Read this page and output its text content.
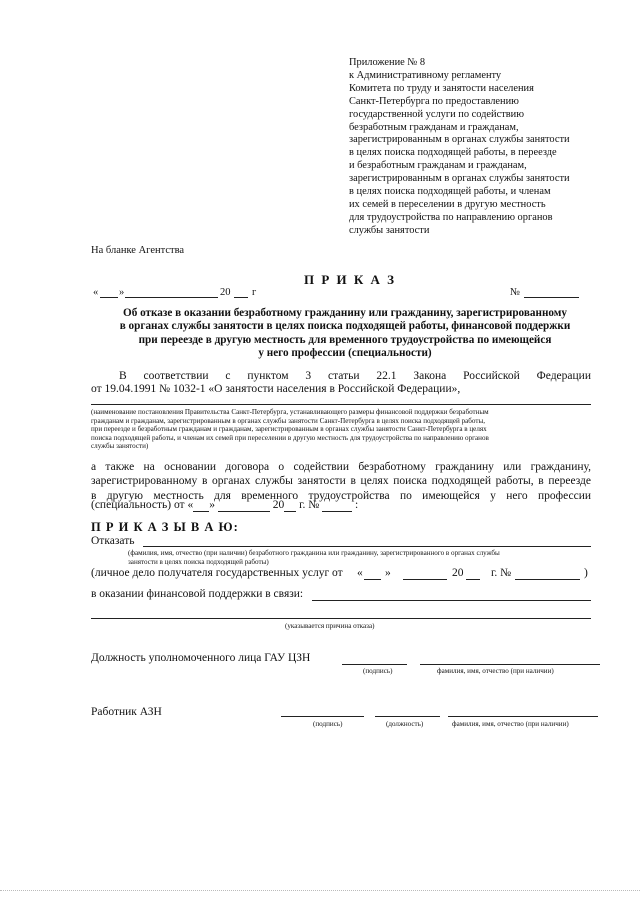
Приложение № 8
к Административному регламенту
Комитета по труду и занятости населения
Санкт-Петербурга по предоставлению
государственной услуги по содействию
безработным гражданам и гражданам,
зарегистрированным в органах службы занятости
в целях поиска подходящей работы, в переезде
и безработным гражданам и гражданам,
зарегистрированным в органах службы занятости
в целях поиска подходящей работы, и членам
их семей в переселении в другую местность
для трудоустройства по направлению органов
службы занятости
На бланке Агентства
П Р И К А З
« »	20 г	№
Об отказе в оказании безработному гражданину или гражданину, зарегистрированному
в органах службы занятости в целях поиска подходящей работы, финансовой поддержки
при переезде в другую местность для временного трудоустройства по имеющейся
у него профессии (специальности)
В соответствии с пунктом 3 статьи 22.1 Закона Российской Федерации
от 19.04.1991 № 1032-1 «О занятости населения в Российской Федерации»,
(наименование постановления Правительства Санкт-Петербурга, устанавливающего размеры финансовой поддержки безработным
гражданам и гражданам, зарегистрированным в органах службы занятости Санкт-Петербурга в целях поиска подходящей работы,
при переезде и безработным гражданам и гражданам, зарегистрированным в органах службы занятости Санкт-Петербурга в целях
поиска подходящей работы, и членам их семей при переселении в другую местность для трудоустройства по направлению органов
службы занятости)
а также на основании договора о содействии безработному гражданину или гражданину,
зарегистрированному в органах службы занятости в целях поиска подходящей работы, в переезде
в другую местность для временного трудоустройства по имеющейся у него профессии
(специальность) от « »	20 г. №	:
П Р И К А З Ы В А Ю:
Отказать
(фамилия, имя, отчество (при наличии) безработного гражданина или гражданину, зарегистрированного в органах службы
занятости в целях поиска подходящей работы)
(личное дело получателя государственных услуг от « »	20 г. №	)
в оказании финансовой поддержки в связи:
(указывается причина отказа)
Должность уполномоченного лица ГАУ ЦЗН
(подпись)	фамилия, имя, отчество (при наличии)
Работник АЗН
(подпись)	(должность)	фамилия, имя, отчество (при наличии)
